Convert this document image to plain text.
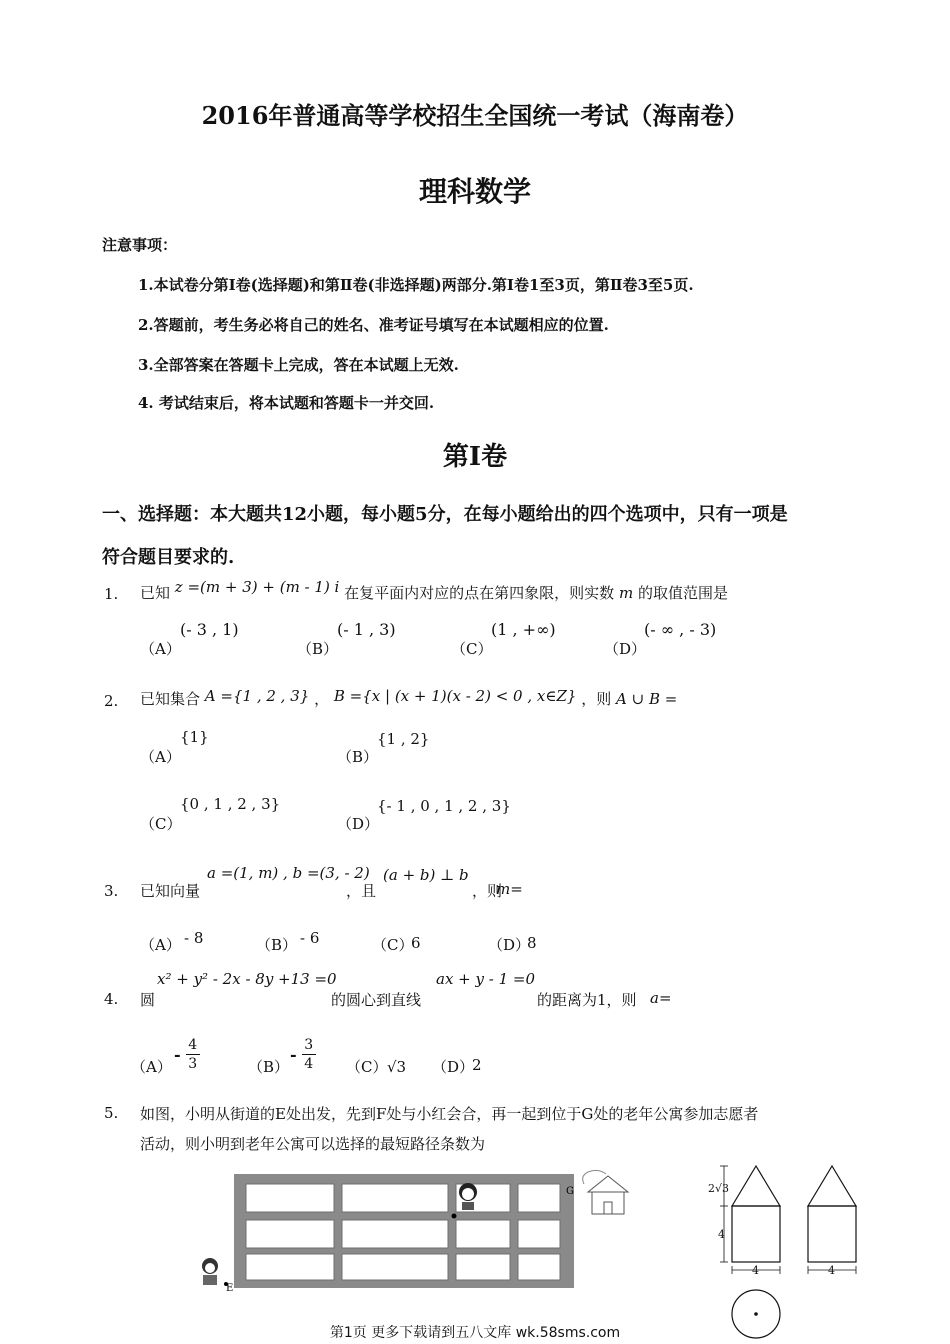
2016年普通高等学校招生全国统一考试（海南卷）
理科数学
注意事项：
1.本试卷分第Ⅰ卷(选择题)和第Ⅱ卷(非选择题)两部分.第Ⅰ卷1至3页，第Ⅱ卷3至5页.
2.答题前，考生务必将自己的姓名、准考证号填写在本试题相应的位置.
3.全部答案在答题卡上完成，答在本试题上无效.
4. 考试结束后，将本试题和答题卡一并交回.
第Ⅰ卷
一、选择题：本大题共12小题，每小题5分，在每小题给出的四个选项中，只有一项是
符合题目要求的.
1. 已知 z =(m + 3) + (m - 1) i 在复平面内对应的点在第四象限，则实数 m 的取值范围是
（A）
(- 3 , 1)
（B）
(- 1 , 3)
（C）
(1 , +∞)
（D）
(- ∞ , - 3)
2. 已知集合 A ={1 , 2 , 3} ， B ={x | (x + 1)(x - 2) < 0 , x∈Z} ，则 A ∪ B =
（A）
{1}
（B）
{1 , 2}
（C）
{0 , 1 , 2 , 3}
（D）
{- 1 , 0 , 1 , 2 , 3}
3. 已知向量
a =(1, m) , b =(3, - 2)
，且
(a + b) ⊥ b
，则
m=
（A） - 8	（B） - 6	（C）
6	（D）
8
4. 圆
x² + y² - 2x - 8y +13 =0
的圆心到直线
ax + y - 1 =0
的距离为1，则 a=
（A）
- $\frac{4}{3}$	（B）
- $\frac{3}{4} (C)$ √3 （D）
2
5. 如图，小明从街道的E处出发，先到F处与小红会合，再一起到位于G处的老年公寓参加志愿者
活动，则小明到老年公寓可以选择的最短路径条数为
E
G	2√3
4
4	4
第1页 更多下载请到五八文库 wk.58sms.com
